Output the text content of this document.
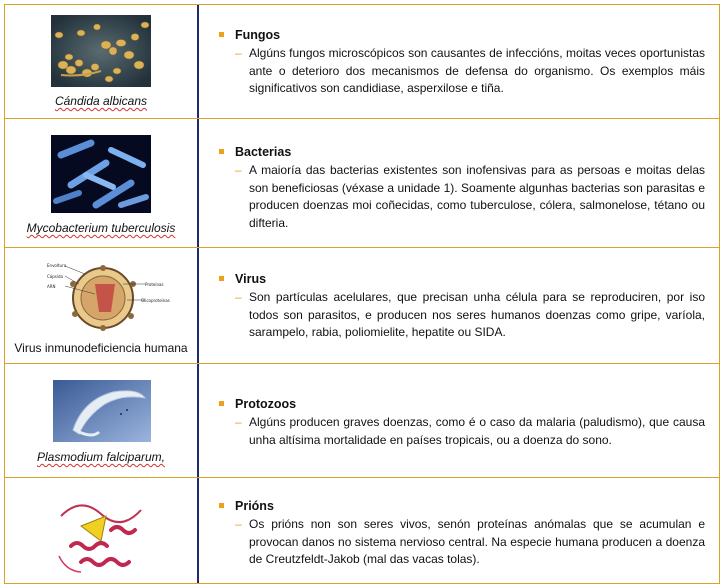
Cándida albicans
Fungos
– Algúns fungos microscópicos son causantes de infeccións, moitas veces oportunistas ante o deterioro dos mecanismos de defensa do organismo. Os exemplos máis significativos son candidiase, asperxilose e tiña.
Mycobacterium tuberculosis
Bacterias
– A maioría das bacterias existentes son inofensivas para as persoas e moitas delas son beneficiosas (véxase a unidade 1). Soamente algunhas bacterias son parasitas e producen doenzas moi coñecidas, como tuberculose, cólera, salmonelose, tétano ou difteria.
Envoltura
Cápsida
ARN	Proteínas
Glicoproteínas
Virus inmunodeficiencia humana
Virus
– Son partículas acelulares, que precisan unha célula para se reproduciren, por iso todos son parasitos, e producen nos seres humanos doenzas como gripe, varíola, sarampelo, rabia, poliomielite, hepatite ou SIDA.
Plasmodium falciparum,
Protozoos
– Algúns producen graves doenzas, como é o caso da malaria (paludismo), que causa unha altísima mortalidade en países tropicais, ou a doenza do sono.
Prións
– Os prións non son seres vivos, senón proteínas anómalas que se acumulan e provocan danos no sistema nervioso central. Na especie humana producen a doenza de Creutzfeldt-Jakob (mal das vacas tolas).
